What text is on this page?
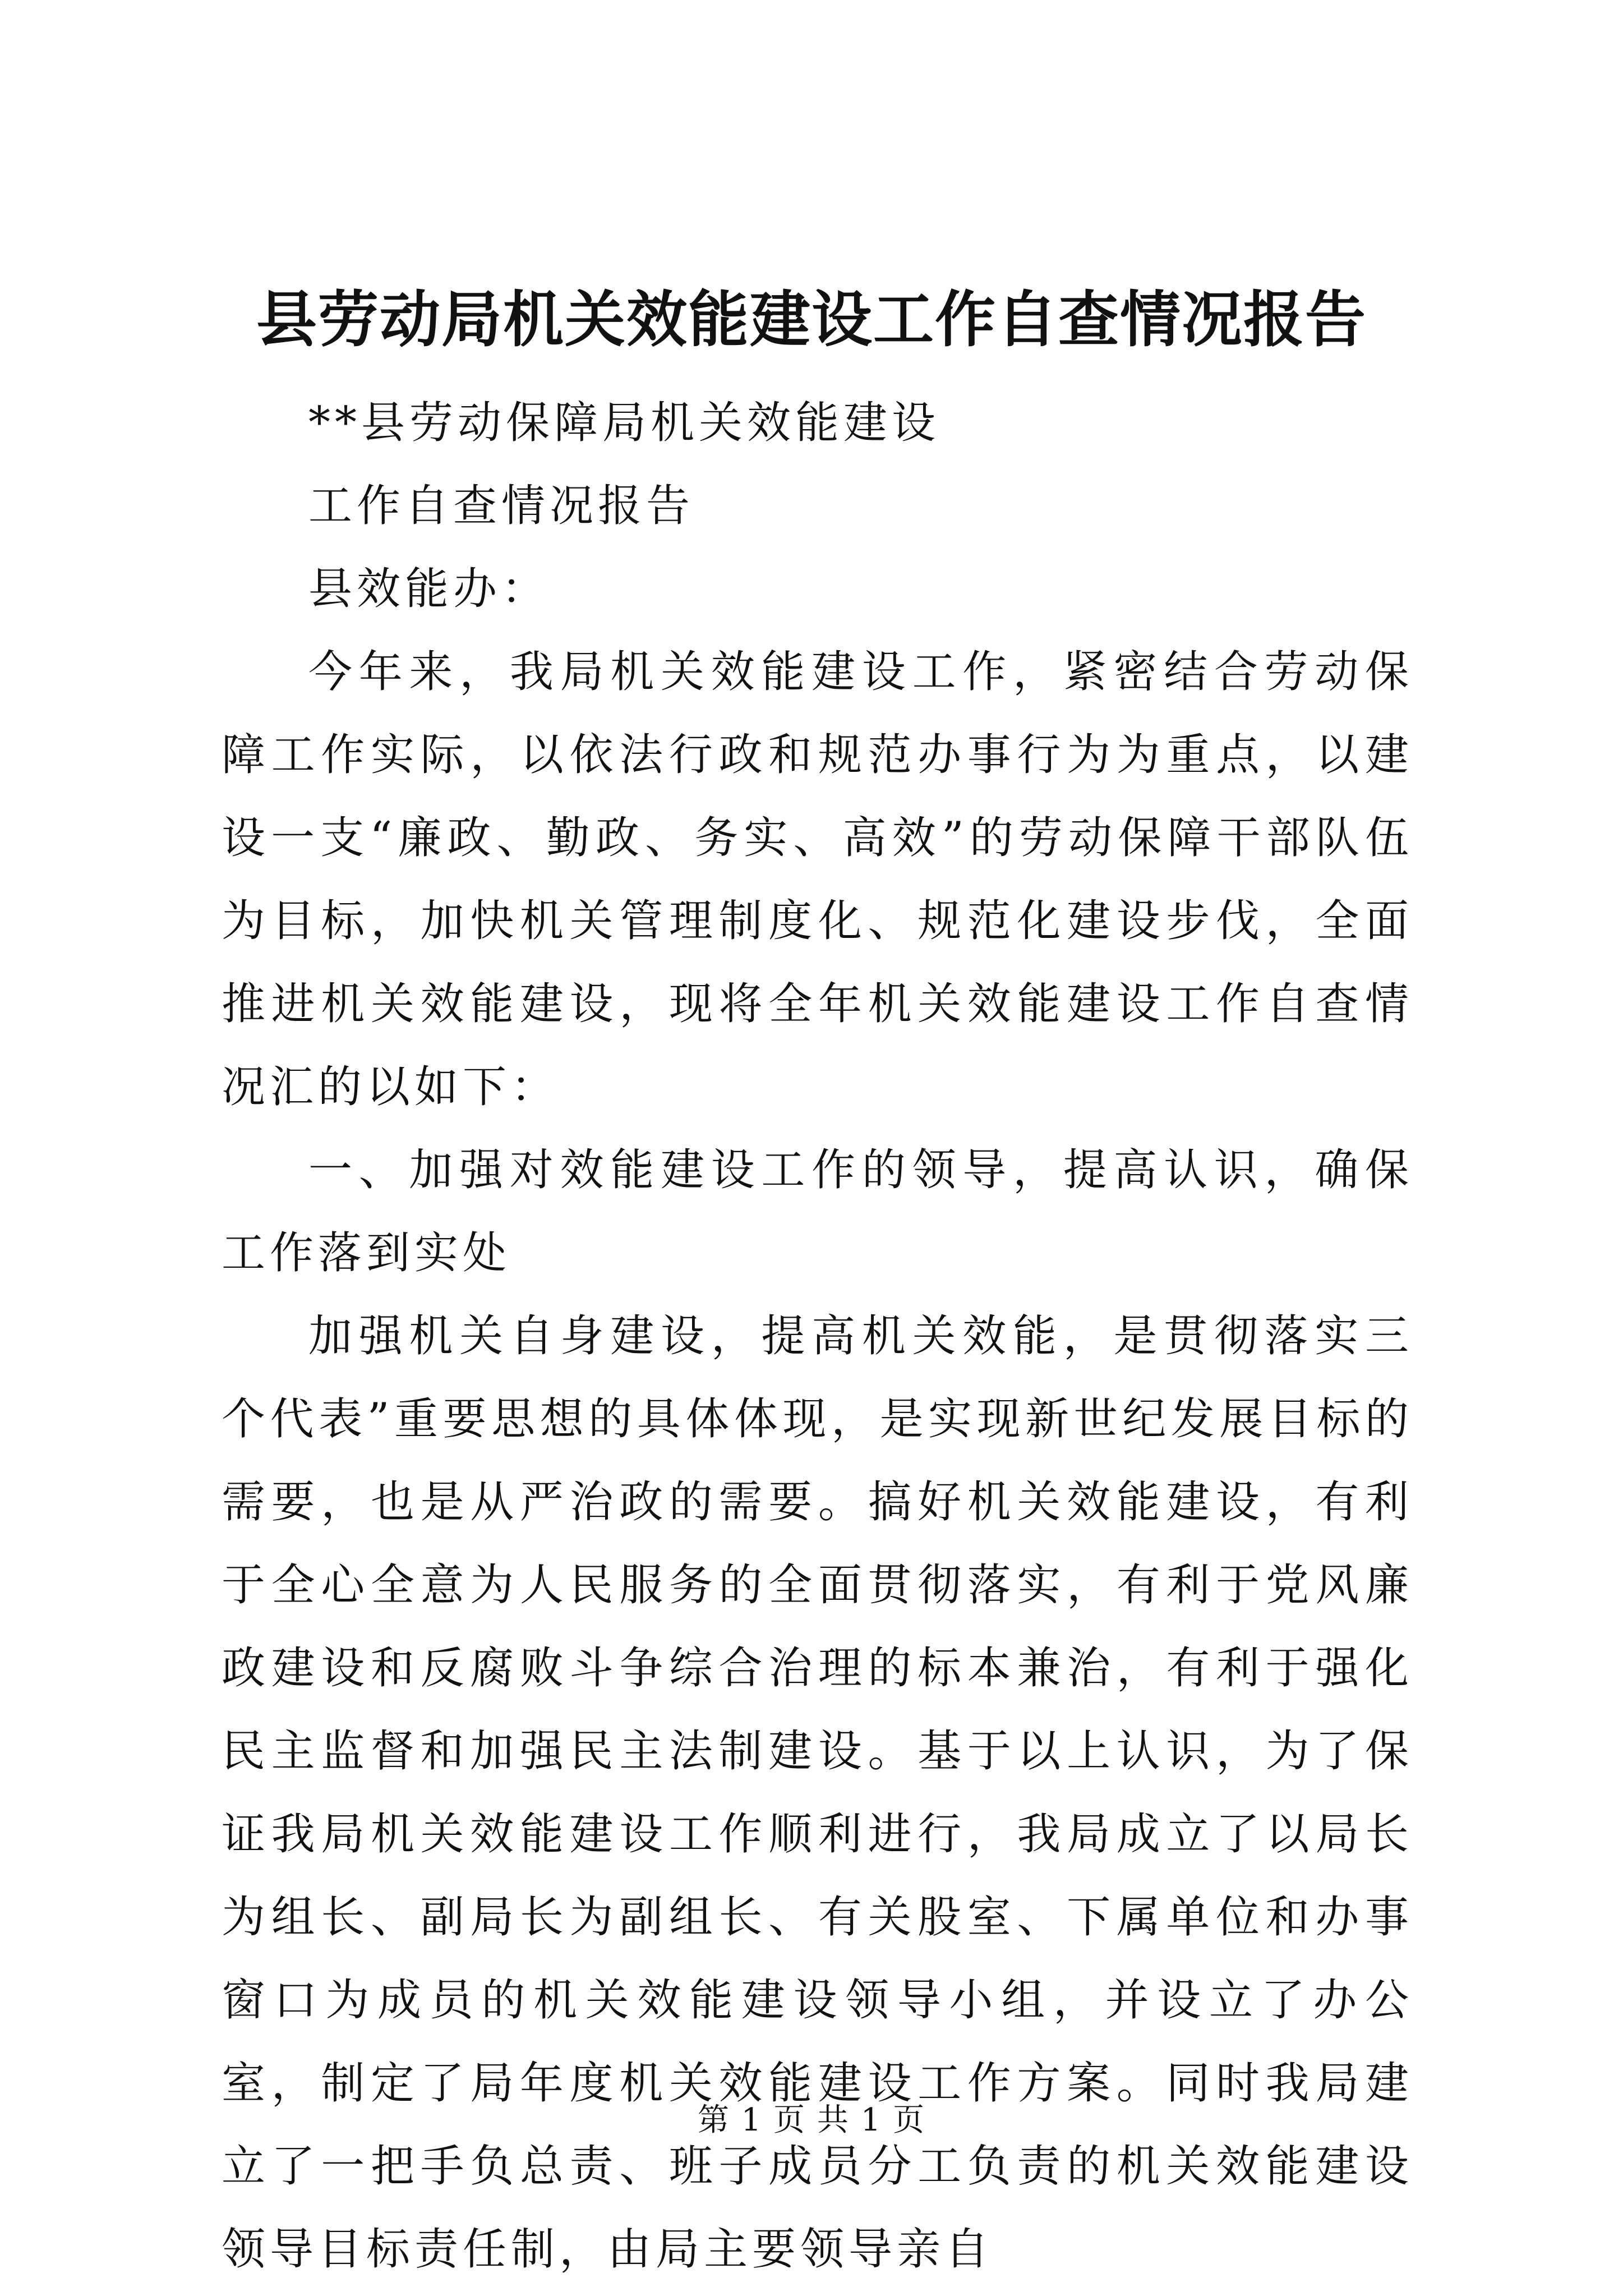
县劳动局机关效能建设工作自查情况报告

**县劳动保障局机关效能建设

工作自查情况报告

县效能办：

今年来，我局机关效能建设工作，紧密结合劳动保障工作实际，以依法行政和规范办事行为为重点，以建设一支“廉政、勤政、务实、高效”的劳动保障干部队伍为目标，加快机关管理制度化、规范化建设步伐，全面推进机关效能建设，现将全年机关效能建设工作自查情况汇的以如下：

一、加强对效能建设工作的领导，提高认识，确保工作落到实处

加强机关自身建设，提高机关效能，是贯彻落实三个代表”重要思想的具体体现，是实现新世纪发展目标的需要，也是从严治政的需要。搞好机关效能建设，有利于全心全意为人民服务的全面贯彻落实，有利于党风廉政建设和反腐败斗争综合治理的标本兼治，有利于强化民主监督和加强民主法制建设。基于以上认识，为了保证我局机关效能建设工作顺利进行，我局成立了以局长为组长、副局长为副组长、有关股室、下属单位和办事窗口为成员的机关效能建设领导小组，并设立了办公室，制定了局年度机关效能建设工作方案。同时我局建立了一把手负总责、班子成员分工负责的机关效能建设领导目标责任制，由局主要领导亲自

第 1 页 共 1 页
